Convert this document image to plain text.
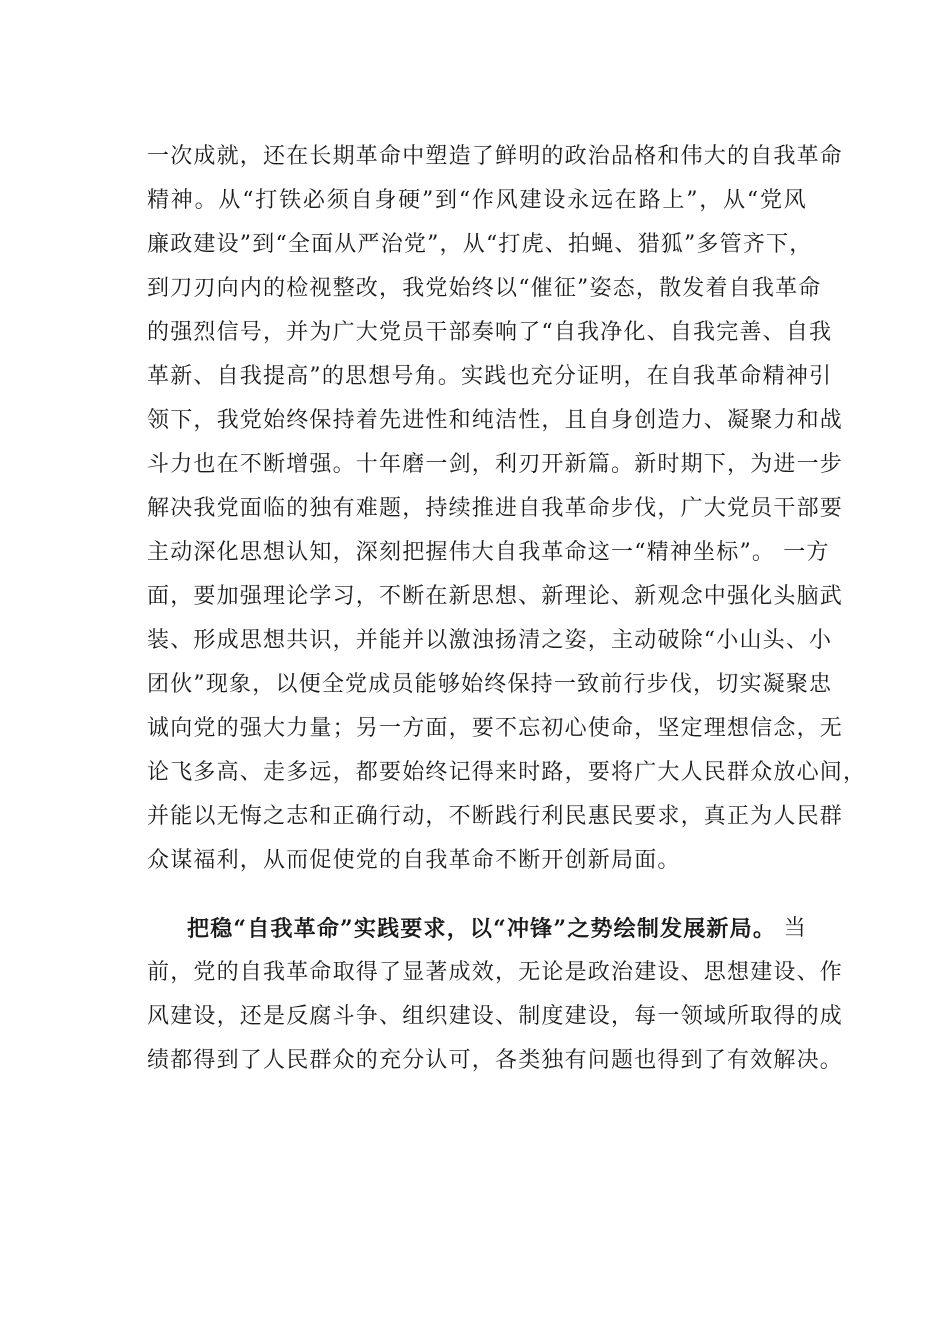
一次成就，还在长期革命中塑造了鲜明的政治品格和伟大的自我革命
精神。从“打铁必须自身硬”到“作风建设永远在路上”，从“党风
廉政建设”到“全面从严治党”，从“打虎、拍蝇、猎狐”多管齐下，
到刀刃向内的检视整改，我党始终以“催征”姿态，散发着自我革命
的强烈信号，并为广大党员干部奏响了“自我净化、自我完善、自我
革新、自我提高”的思想号角。实践也充分证明，在自我革命精神引
领下，我党始终保持着先进性和纯洁性，且自身创造力、凝聚力和战
斗力也在不断增强。十年磨一剑，利刃开新篇。新时期下，为进一步
解决我党面临的独有难题，持续推进自我革命步伐，广大党员干部要
主动深化思想认知，深刻把握伟大自我革命这一“精神坐标”。 一方
面，要加强理论学习，不断在新思想、新理论、新观念中强化头脑武
装、形成思想共识，并能并以激浊扬清之姿，主动破除“小山头、小
团伙”现象，以便全党成员能够始终保持一致前行步伐，切实凝聚忠
诚向党的强大力量；另一方面，要不忘初心使命，坚定理想信念，无
论飞多高、走多远，都要始终记得来时路，要将广大人民群众放心间，
并能以无悔之志和正确行动，不断践行利民惠民要求，真正为人民群
众谋福利，从而促使党的自我革命不断开创新局面。
把稳“自我革命”实践要求，以“冲锋”之势绘制发展新局。 当
前，党的自我革命取得了显著成效，无论是政治建设、思想建设、作
风建设，还是反腐斗争、组织建设、制度建设，每一领域所取得的成
绩都得到了人民群众的充分认可，各类独有问题也得到了有效解决。
